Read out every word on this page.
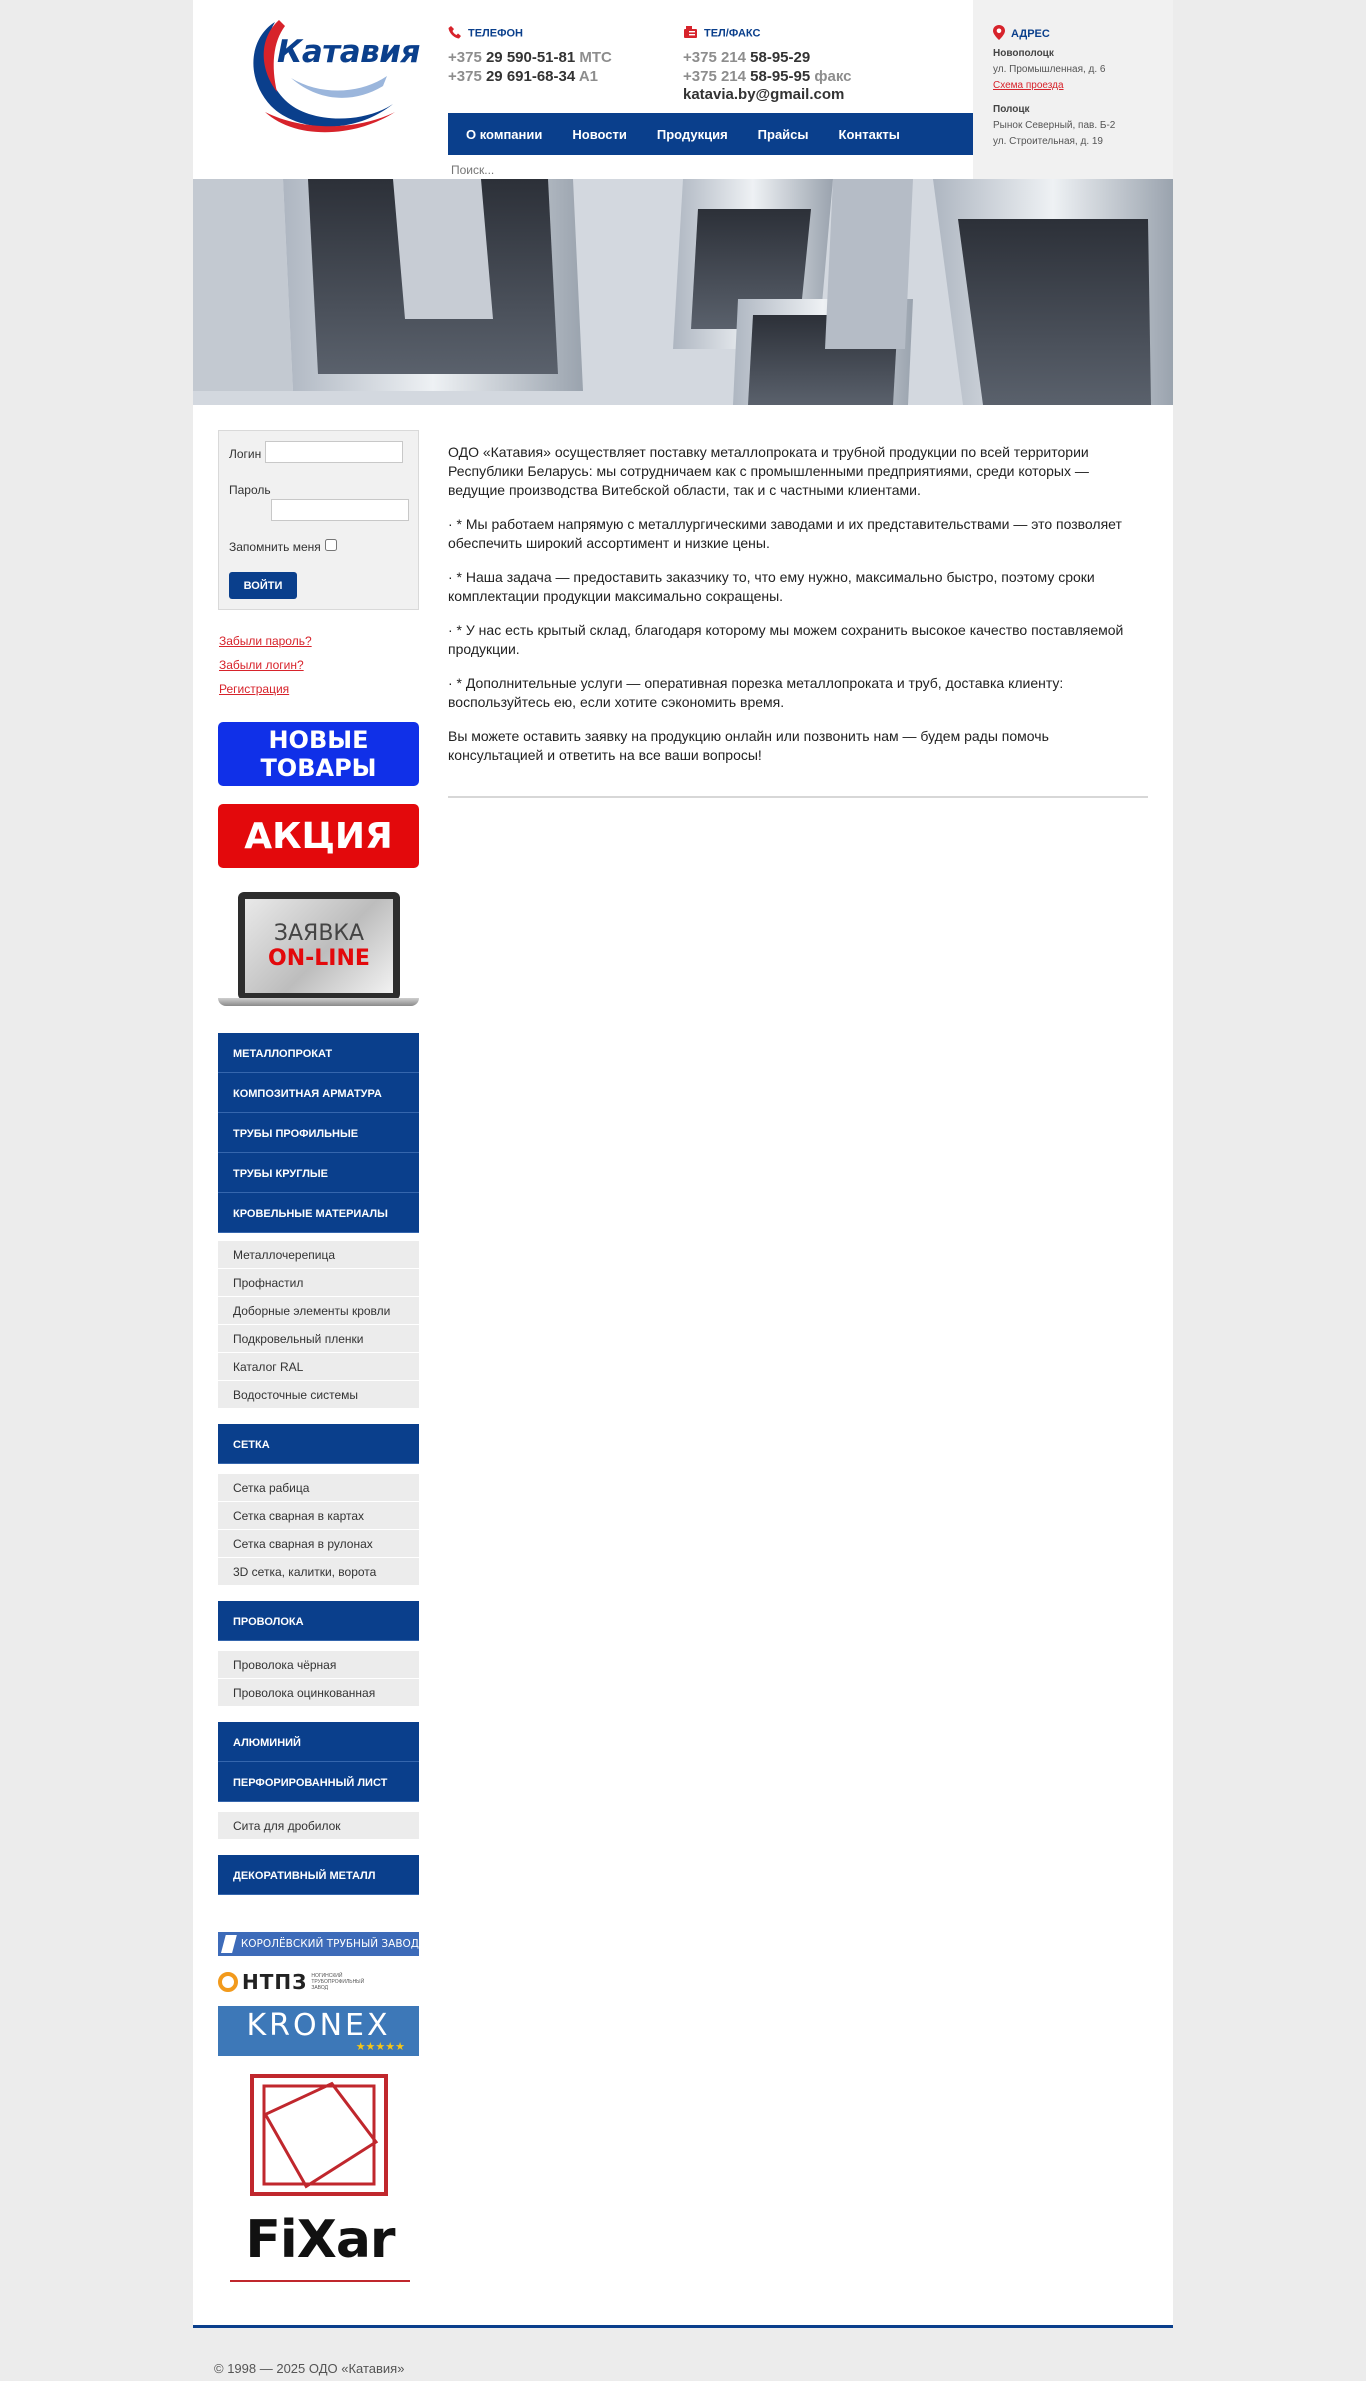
Катавия
ТЕЛЕФОН
+375 29 590-51-81 МТС
+375 29 691-68-34 A1
ТЕЛ/ФАКС
+375 214 58-95-29
+375 214 58-95-95 факс
katavia.by@gmail.com
АДРЕС
Новополоцк
ул. Промышленная, д. 6
Схема проезда
Полоцк
Рынок Северный, пав. Б-2
ул. Строительная, д. 19
О компании	Новости	Продукция	Прайсы	Контакты
Поиск...
Логин
Пароль
Запомнить меня
ВОЙТИ
Забыли пароль?
Забыли логин?
Регистрация
НОВЫЕ
ТОВАРЫ
АКЦИЯ
ЗАЯВКА
ON-LINE
МЕТАЛЛОПРОКАТ
КОМПОЗИТНАЯ АРМАТУРА
ТРУБЫ ПРОФИЛЬНЫЕ
ТРУБЫ КРУГЛЫЕ
КРОВЕЛЬНЫЕ МАТЕРИАЛЫ
Металлочерепица
Профнастил
Доборные элементы кровли
Подкровельный пленки
Каталог RAL
Водосточные системы
СЕТКА
Сетка рабица
Сетка сварная в картах
Сетка сварная в рулонах
3D сетка, калитки, ворота
ПРОВОЛОКА
Проволока чёрная
Проволока оцинкованная
АЛЮМИНИЙ
ПЕРФОРИРОВАННЫЙ ЛИСТ
Сита для дробилок
ДЕКОРАТИВНЫЙ МЕТАЛЛ
КОРОЛЁВСКИЙ ТРУБНЫЙ ЗАВОД
НТПЗ НОГИНСКИЙ ТРУБОПРОФИЛЬНЫЙ ЗАВОД
KRONEX
★★★★★
FiXar

ОДО «Катавия» осуществляет поставку металлопроката и трубной продукции по всей территории Республики Беларусь: мы сотрудничаем как с промышленными предприятиями, среди которых — ведущие производства Витебской области, так и с частными клиентами.

· * Мы работаем напрямую с металлургическими заводами и их представительствами — это позволяет обеспечить широкий ассортимент и низкие цены.

· * Наша задача — предоставить заказчику то, что ему нужно, максимально быстро, поэтому сроки комплектации продукции максимально сокращены.

· * У нас есть крытый склад, благодаря которому мы можем сохранить высокое качество поставляемой продукции.

· * Дополнительные услуги — оперативная порезка металлопроката и труб, доставка клиенту: воспользуйтесь ею, если хотите сэкономить время.

Вы можете оставить заявку на продукцию онлайн или позвонить нам — будем рады помочь консультацией и ответить на все ваши вопросы!

© 1998 — 2025 ОДО «Катавия»
